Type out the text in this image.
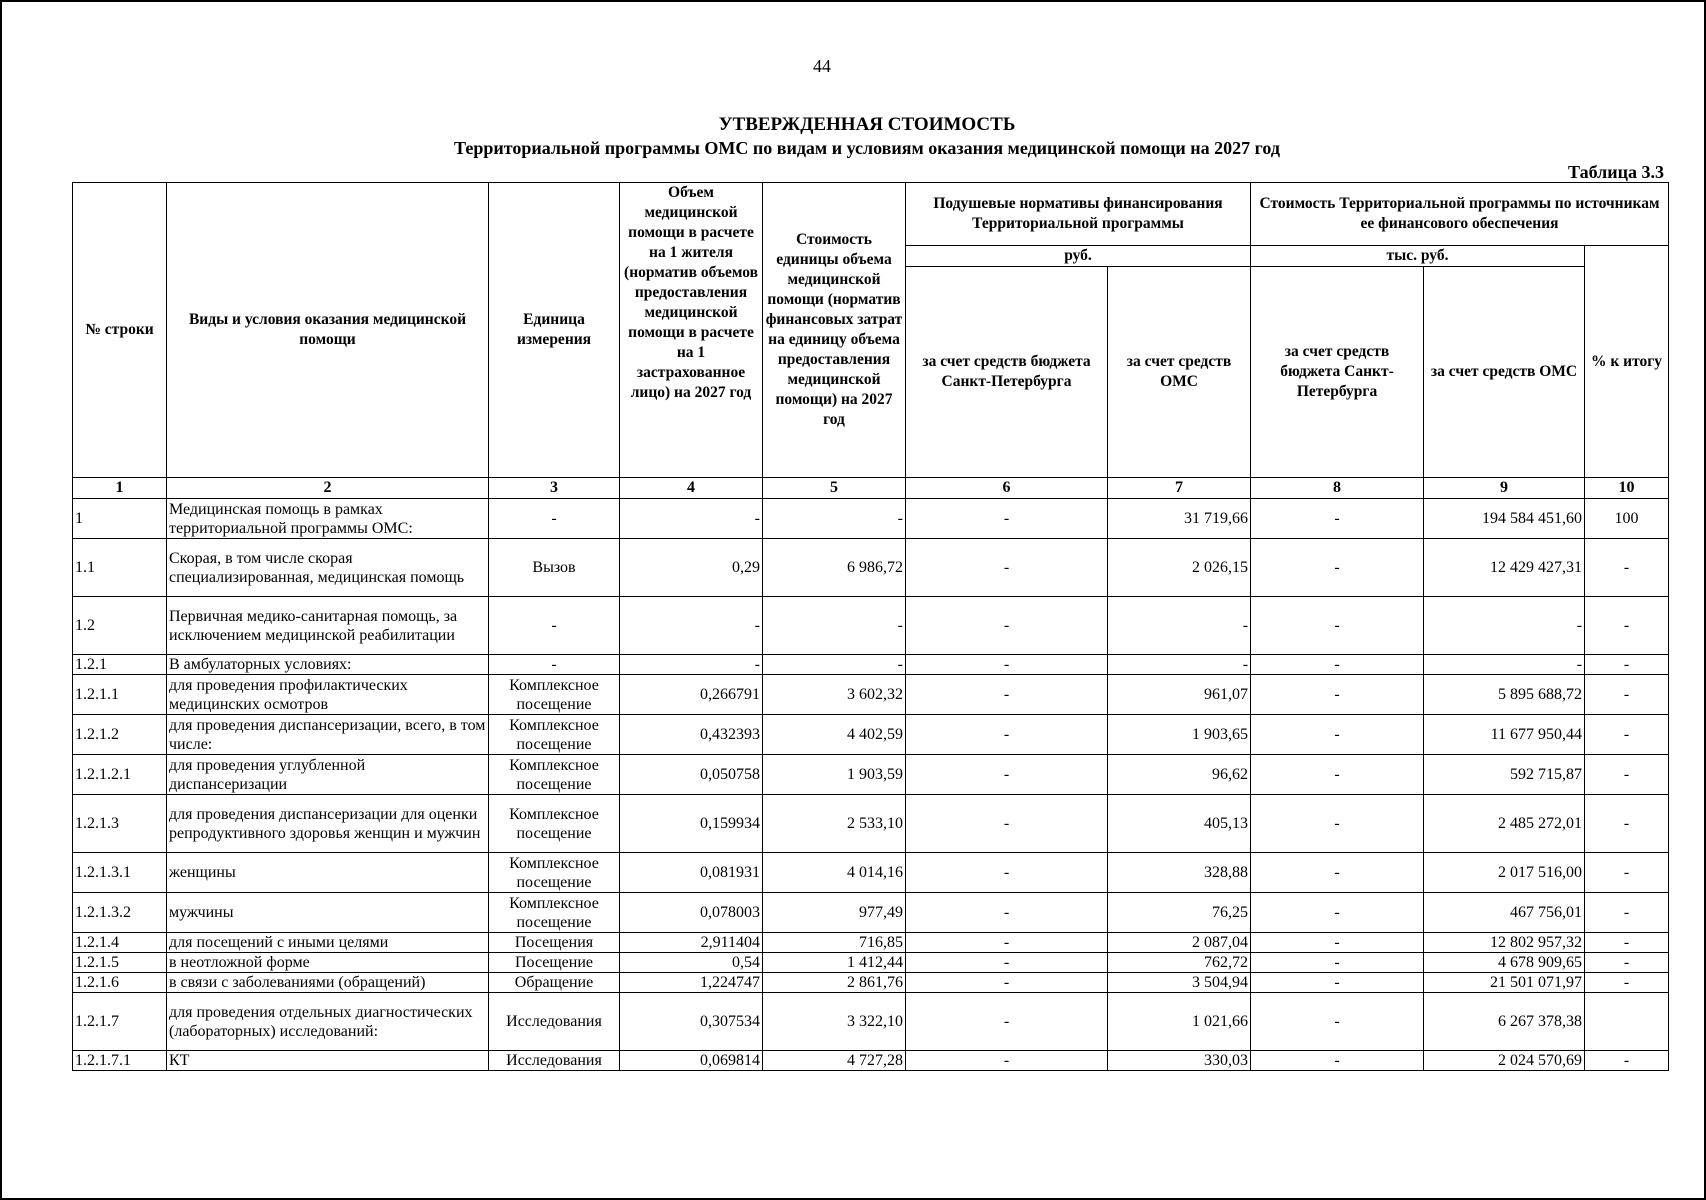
44
УТВЕРЖДЕННАЯ СТОИМОСТЬ
Территориальной программы ОМС по видам и условиям оказания медицинской помощи на 2027 год
Таблица 3.3
№ строки	Виды и условия оказания медицинской помощи	Единица измерения	Объем медицинской помощи в расчете на 1 жителя (норматив объемов предоставления медицинской помощи в расчете на 1 застрахованное лицо) на 2027 год	Стоимость единицы объема медицинской помощи (норматив финансовых затрат на единицу объема предоставления медицинской помощи) на 2027 год	Подушевые нормативы финансирования Территориальной программы		Стоимость Территориальной программы по источникам ее финансового обеспечения		
					руб.		тыс. руб.		% к итогу
					за счет средств бюджета Санкт-Петербурга	за счет средств ОМС	за счет средств бюджета Санкт-Петербурга	за счет средств ОМС	
1	2	3	4	5	6	7	8	9	10
1	Медицинская помощь в рамках территориальной программы ОМС:	-	-	-	-	31 719,66	-	194 584 451,60	100
1.1	Скорая, в том числе скорая специализированная, медицинская помощь	Вызов	0,29	6 986,72	-	2 026,15	-	12 429 427,31	-
1.2	Первичная медико-санитарная помощь, за исключением медицинской реабилитации	-	-	-	-	-	-	-	-
1.2.1	В амбулаторных условиях:	-	-	-	-	-	-	-	-
1.2.1.1	для проведения профилактических медицинских осмотров	Комплексное посещение	0,266791	3 602,32	-	961,07	-	5 895 688,72	-
1.2.1.2	для проведения диспансеризации, всего, в том числе:	Комплексное посещение	0,432393	4 402,59	-	1 903,65	-	11 677 950,44	-
1.2.1.2.1	для проведения углубленной диспансеризации	Комплексное посещение	0,050758	1 903,59	-	96,62	-	592 715,87	-
1.2.1.3	для проведения диспансеризации для оценки репродуктивного здоровья женщин и мужчин	Комплексное посещение	0,159934	2 533,10	-	405,13	-	2 485 272,01	-
1.2.1.3.1	женщины	Комплексное посещение	0,081931	4 014,16	-	328,88	-	2 017 516,00	-
1.2.1.3.2	мужчины	Комплексное посещение	0,078003	977,49	-	76,25	-	467 756,01	-
1.2.1.4	для посещений с иными целями	Посещения	2,911404	716,85	-	2 087,04	-	12 802 957,32	-
1.2.1.5	в неотложной форме	Посещение	0,54	1 412,44	-	762,72	-	4 678 909,65	-
1.2.1.6	в связи с заболеваниями (обращений)	Обращение	1,224747	2 861,76	-	3 504,94	-	21 501 071,97	-
1.2.1.7	для проведения отдельных диагностических (лабораторных) исследований:	Исследования	0,307534	3 322,10	-	1 021,66	-	6 267 378,38	
1.2.1.7.1	КТ	Исследования	0,069814	4 727,28	-	330,03	-	2 024 570,69	-
